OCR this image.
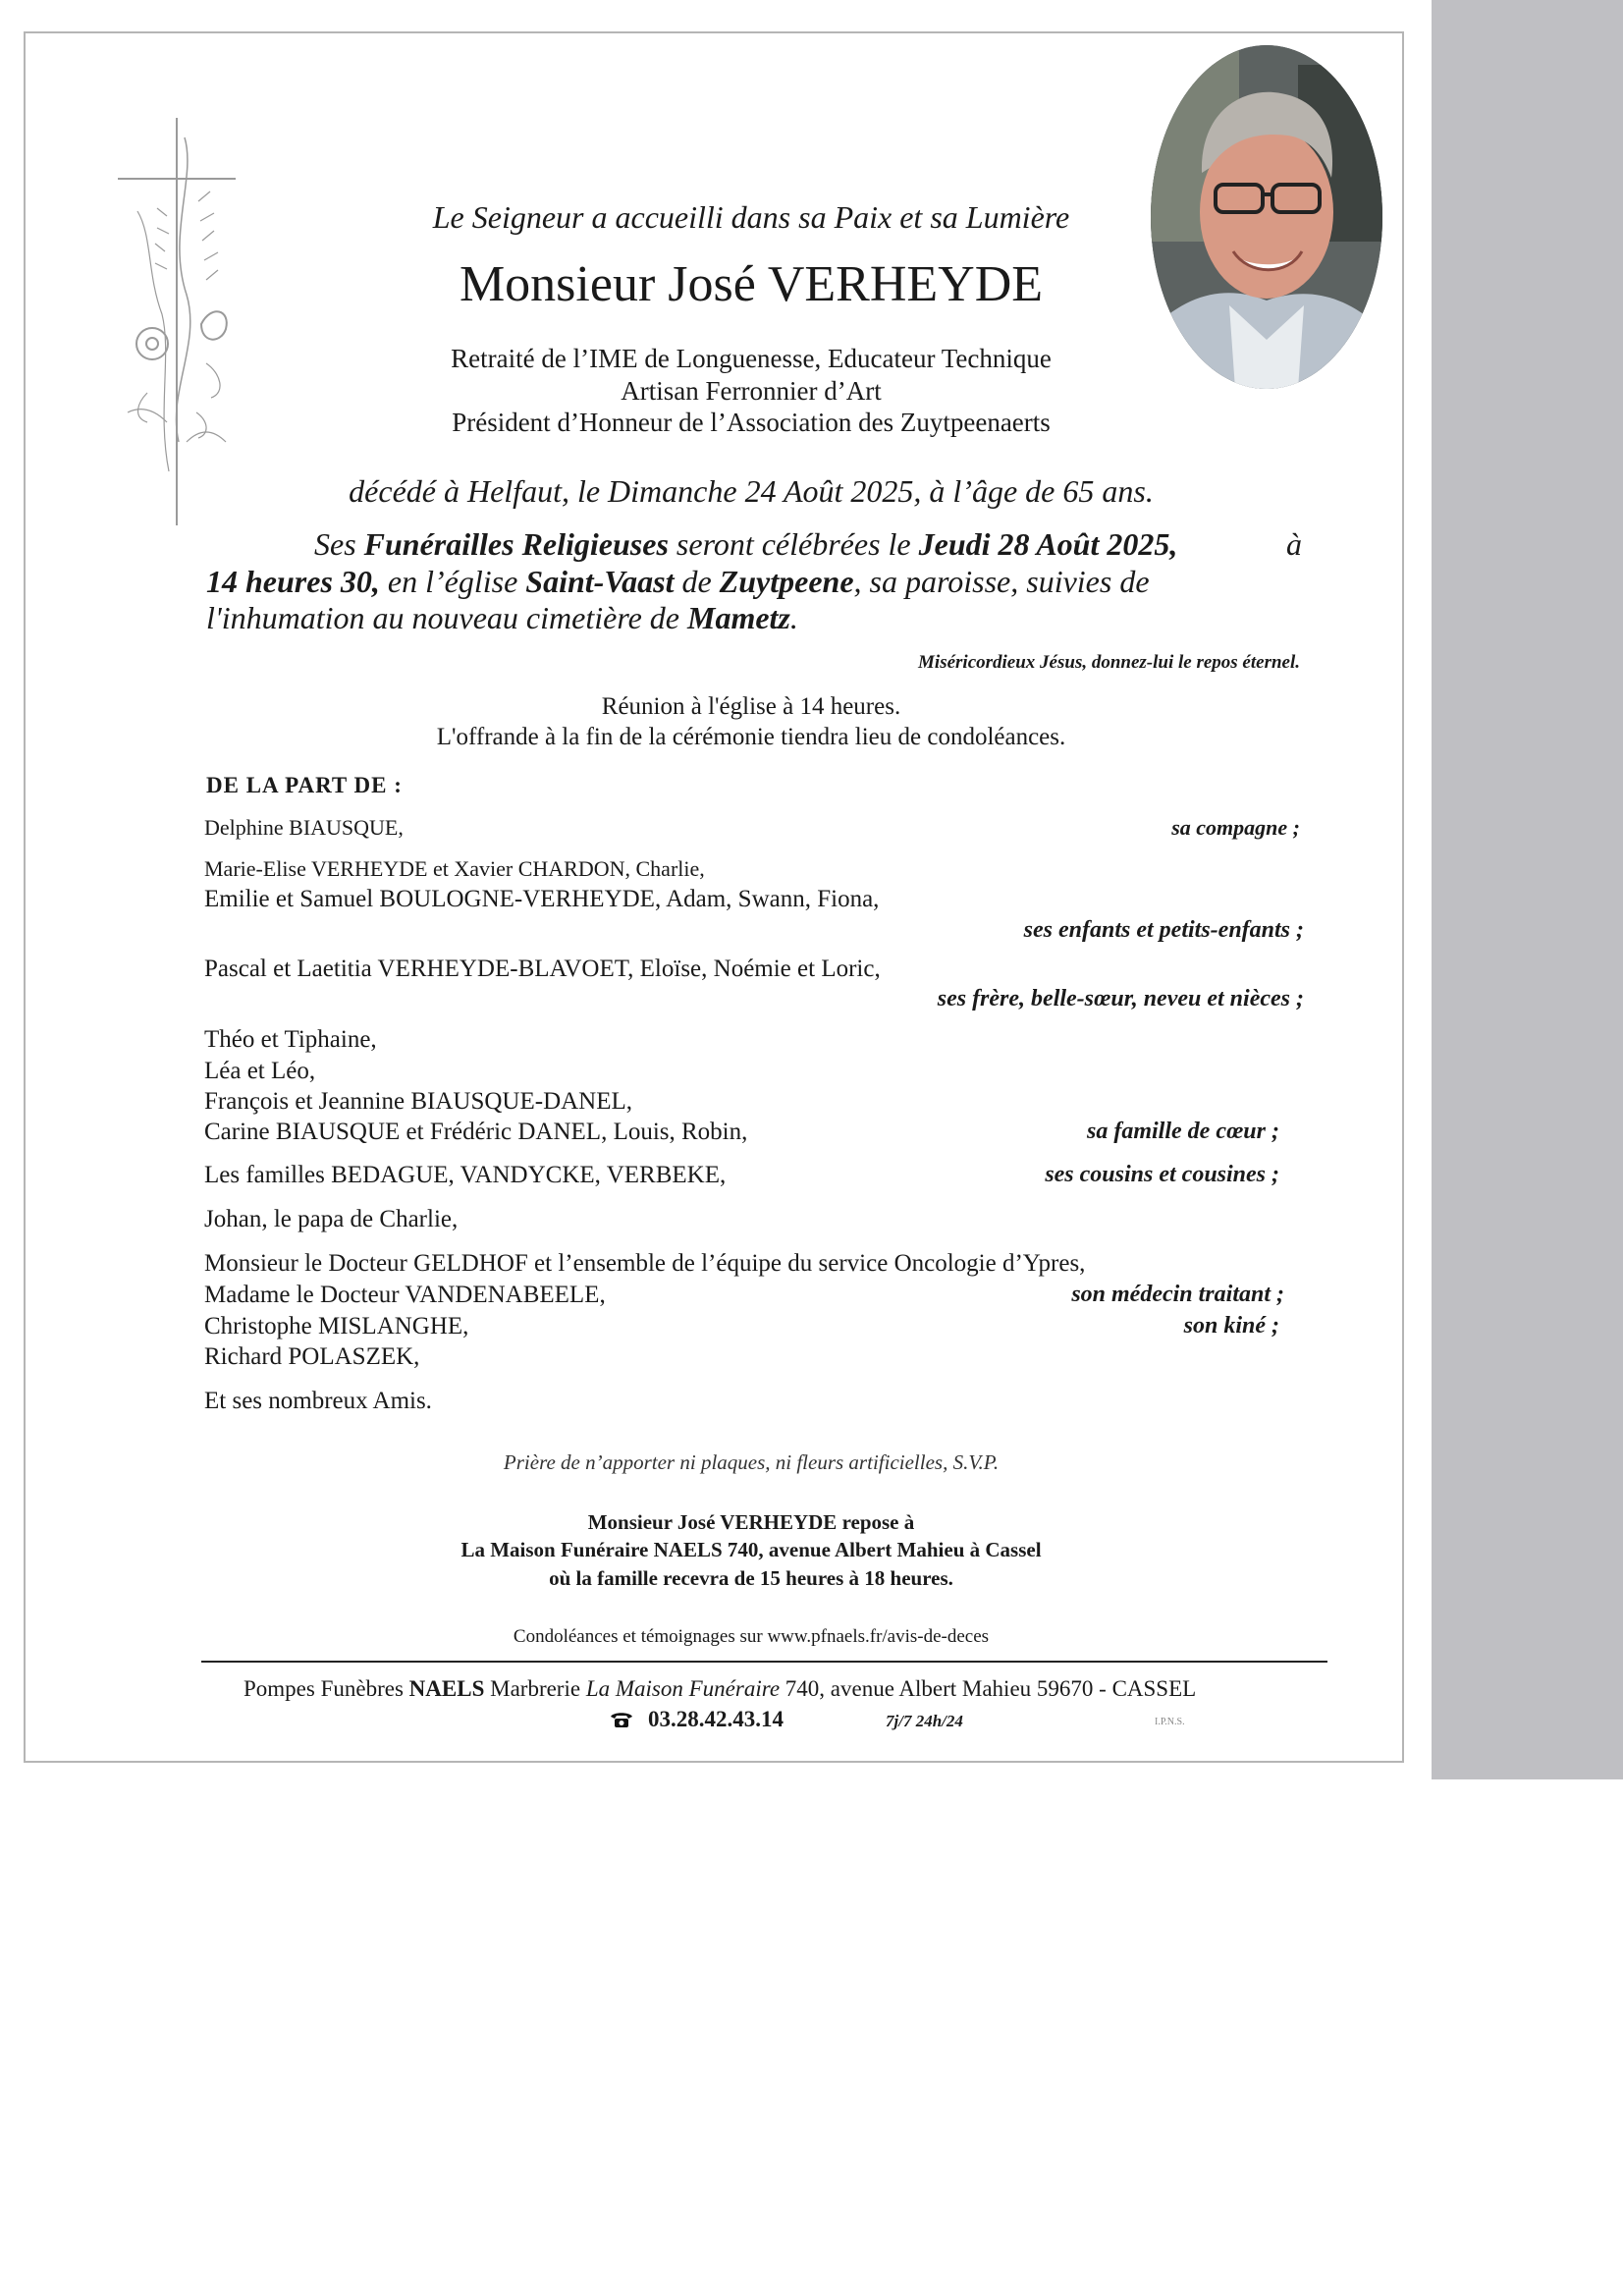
Le Seigneur a accueilli dans sa Paix et sa Lumière
Monsieur José VERHEYDE
Retraité de l’IME de Longuenesse, Educateur Technique
Artisan Ferronnier d’Art
Président d’Honneur de l’Association des Zuytpeenaerts
décédé à Helfaut, le Dimanche 24 Août 2025, à l’âge de 65 ans.
Ses Funérailles Religieuses seront célébrées le Jeudi 28 Août 2025,	à
14 heures 30, en l’église Saint-Vaast de Zuytpeene, sa paroisse, suivies de
l'inhumation au nouveau cimetière de Mametz.
Miséricordieux Jésus, donnez-lui le repos éternel.
Réunion à l'église à 14 heures.
L'offrande à la fin de la cérémonie tiendra lieu de condoléances.
DE LA PART DE :
Delphine BIAUSQUE,	sa compagne ;
Marie-Elise VERHEYDE et Xavier CHARDON, Charlie,
Emilie et Samuel BOULOGNE-VERHEYDE, Adam, Swann, Fiona,
ses enfants et petits-enfants ;
Pascal et Laetitia VERHEYDE-BLAVOET, Eloïse, Noémie et Loric,
ses frère, belle-sœur, neveu et nièces ;
Théo et Tiphaine,
Léa et Léo,
François et Jeannine BIAUSQUE-DANEL,
Carine BIAUSQUE et Frédéric DANEL, Louis, Robin,	sa famille de cœur ;
Les familles BEDAGUE, VANDYCKE, VERBEKE,	ses cousins et cousines ;
Johan, le papa de Charlie,
Monsieur le Docteur GELDHOF et l’ensemble de l’équipe du service Oncologie d’Ypres,
Madame le Docteur VANDENABEELE,	son médecin traitant ;
Christophe MISLANGHE,	son kiné ;
Richard POLASZEK,
Et ses nombreux Amis.
Prière de n’apporter ni plaques, ni fleurs artificielles, S.V.P.
Monsieur José VERHEYDE repose à
La Maison Funéraire NAELS 740, avenue Albert Mahieu à Cassel
où la famille recevra de 15 heures à 18 heures.
Condoléances et témoignages sur www.pfnaels.fr/avis-de-deces
Pompes Funèbres NAELS Marbrerie La Maison Funéraire 740, avenue Albert Mahieu 59670 - CASSEL
03.28.42.43.14	7j/7 24h/24	I.P.N.S.
